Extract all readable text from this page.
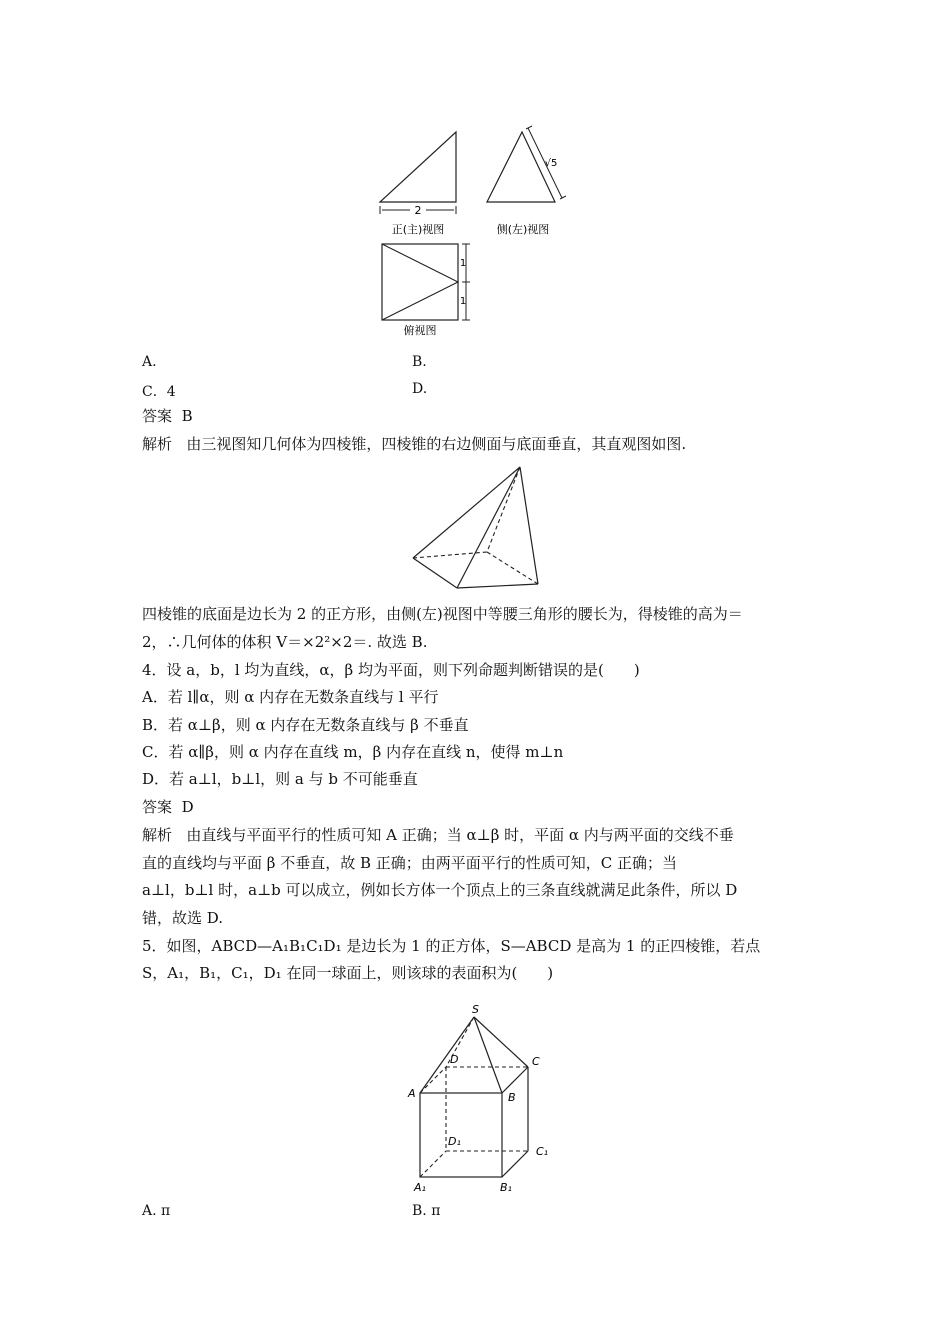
2
正(主)视图
√5
侧(左)视图
1
1
俯视图
A.	B.
C．4	D.
答案 B
解析 由三视图知几何体为四棱锥，四棱锥的右边侧面与底面垂直，其直观图如图.
四棱锥的底面是边长为 2 的正方形，由侧(左)视图中等腰三角形的腰长为，得棱锥的高为＝
2，∴几何体的体积 V＝×2²×2＝. 故选 B.
4．设 a，b，l 均为直线，α，β 均为平面，则下列命题判断错误的是(　　)
A．若 l∥α，则 α 内存在无数条直线与 l 平行
B．若 α⊥β，则 α 内存在无数条直线与 β 不垂直
C．若 α∥β，则 α 内存在直线 m，β 内存在直线 n，使得 m⊥n
D．若 a⊥l，b⊥l，则 a 与 b 不可能垂直
答案 D
解析 由直线与平面平行的性质可知 A 正确；当 α⊥β 时，平面 α 内与两平面的交线不垂
直的直线均与平面 β 不垂直，故 B 正确；由两平面平行的性质可知，C 正确；当
a⊥l，b⊥l 时，a⊥b 可以成立，例如长方体一个顶点上的三条直线就满足此条件，所以 D
错，故选 D.
5．如图，ABCD—A₁B₁C₁D₁ 是边长为 1 的正方体，S—ABCD 是高为 1 的正四棱锥，若点
S，A₁，B₁，C₁，D₁ 在同一球面上，则该球的表面积为(　　)
S
A	B
C
D
A₁	B₁
C₁
D₁
A. π	B. π
